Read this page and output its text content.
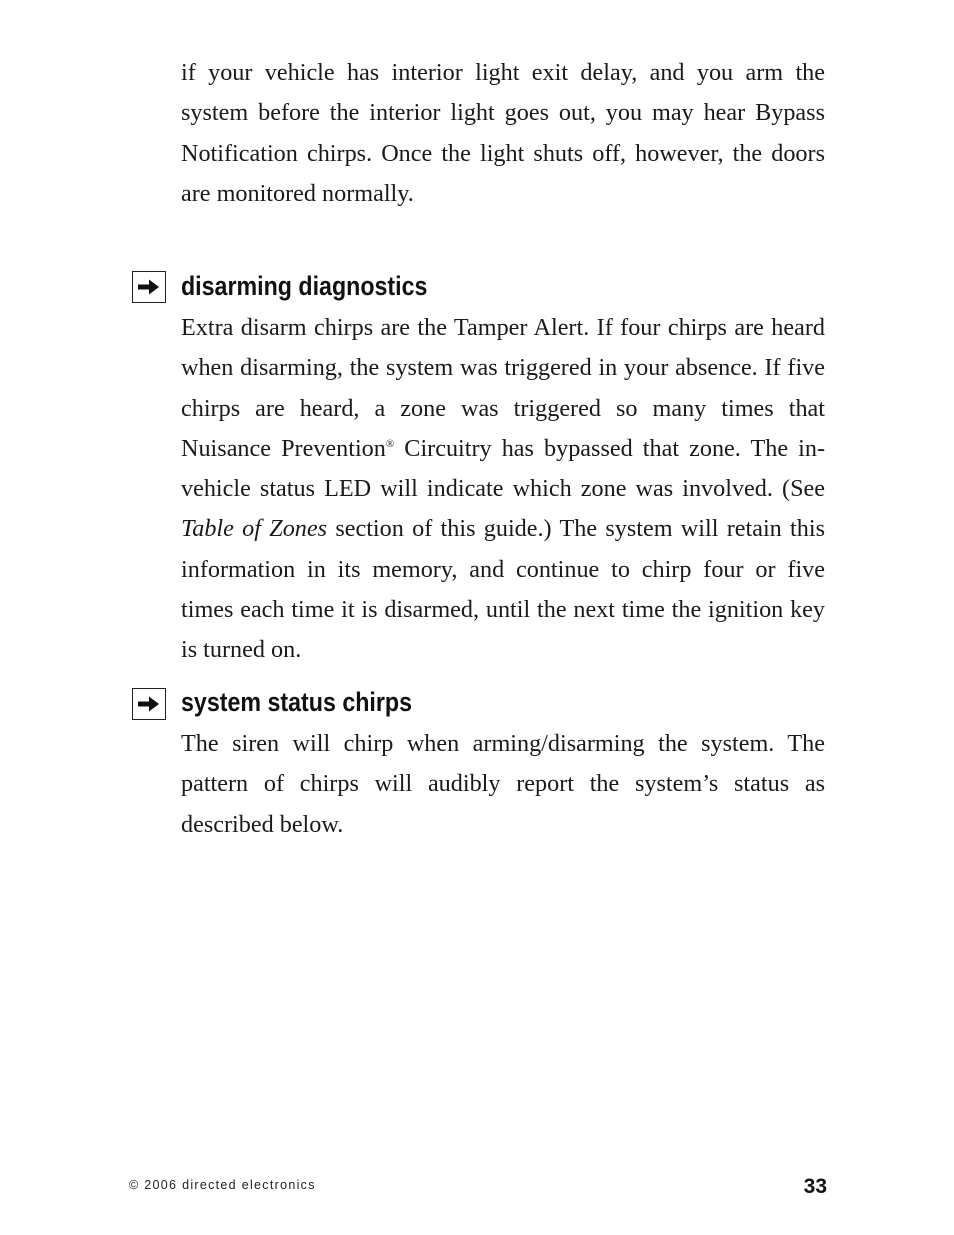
if your vehicle has interior light exit delay, and you arm the system before the interior light goes out, you may hear Bypass Notification chirps. Once the light shuts off, however, the doors are monitored normally.

disarming diagnostics

Extra disarm chirps are the Tamper Alert. If four chirps are heard when disarming, the system was triggered in your absence. If five chirps are heard, a zone was triggered so many times that Nuisance Prevention® Circuitry has bypassed that zone. The in-vehicle status LED will indicate which zone was involved. (See Table of Zones section of this guide.) The system will retain this information in its memory, and continue to chirp four or five times each time it is disarmed, until the next time the ignition key is turned on.

system status chirps

The siren will chirp when arming/disarming the system. The pattern of chirps will audibly report the system’s status as described below.

© 2006 directed electronics	33
